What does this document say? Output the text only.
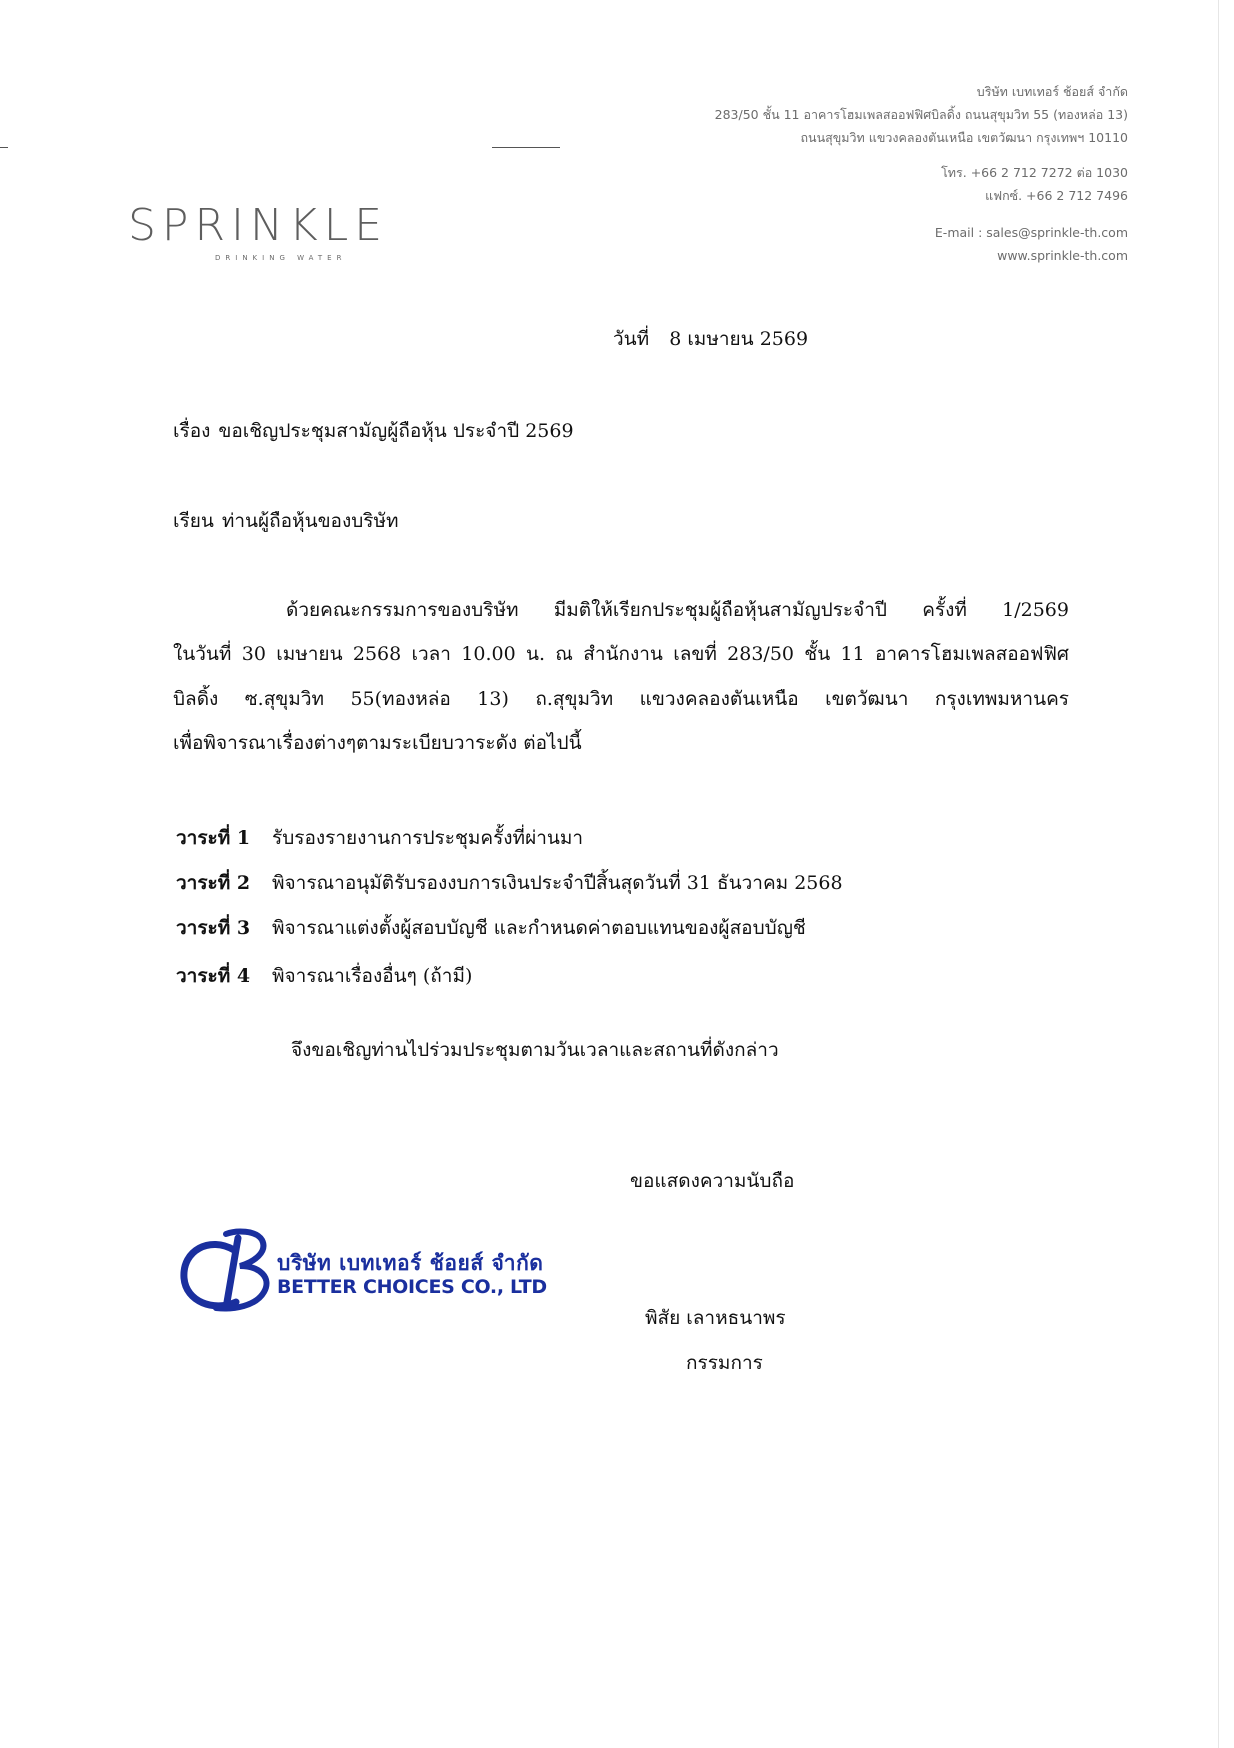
SPRINKLE
DRINKING WATER
บริษัท เบทเทอร์ ช้อยส์ จำกัด
283/50 ชั้น 11 อาคารโฮมเพลสออฟฟิศบิลดิ้ง ถนนสุขุมวิท 55 (ทองหล่อ 13)
ถนนสุขุมวิท แขวงคลองตันเหนือ เขตวัฒนา กรุงเทพฯ 10110
โทร. +66 2 712 7272 ต่อ 1030
แฟกซ์. +66 2 712 7496
E-mail : sales@sprinkle-th.com
www.sprinkle-th.com
วันที่ 8 เมษายน 2569
เรื่อง ขอเชิญประชุมสามัญผู้ถือหุ้น ประจำปี 2569
เรียน ท่านผู้ถือหุ้นของบริษัท
ด้วยคณะกรรมการของบริษัท มีมติให้เรียกประชุมผู้ถือหุ้นสามัญประจำปี ครั้งที่ 1/2569
ในวันที่ 30 เมษายน 2568 เวลา 10.00 น. ณ สำนักงาน เลขที่ 283/50 ชั้น 11 อาคารโฮมเพลสออฟฟิศ
บิลดิ้ง ซ.สุขุมวิท 55(ทองหล่อ 13) ถ.สุขุมวิท แขวงคลองตันเหนือ เขตวัฒนา กรุงเทพมหานคร
เพื่อพิจารณาเรื่องต่างๆตามระเบียบวาระดัง ต่อไปนี้
วาระที่ 1 รับรองรายงานการประชุมครั้งที่ผ่านมา
วาระที่ 2 พิจารณาอนุมัติรับรองงบการเงินประจำปีสิ้นสุดวันที่ 31 ธันวาคม 2568
วาระที่ 3 พิจารณาแต่งตั้งผู้สอบบัญชี และกำหนดค่าตอบแทนของผู้สอบบัญชี
วาระที่ 4 พิจารณาเรื่องอื่นๆ (ถ้ามี)
จึงขอเชิญท่านไปร่วมประชุมตามวันเวลาและสถานที่ดังกล่าว
ขอแสดงความนับถือ
บริษัท เบทเทอร์ ช้อยส์ จำกัด
BETTER CHOICES CO., LTD
พิสัย เลาหธนาพร
กรรมการ
